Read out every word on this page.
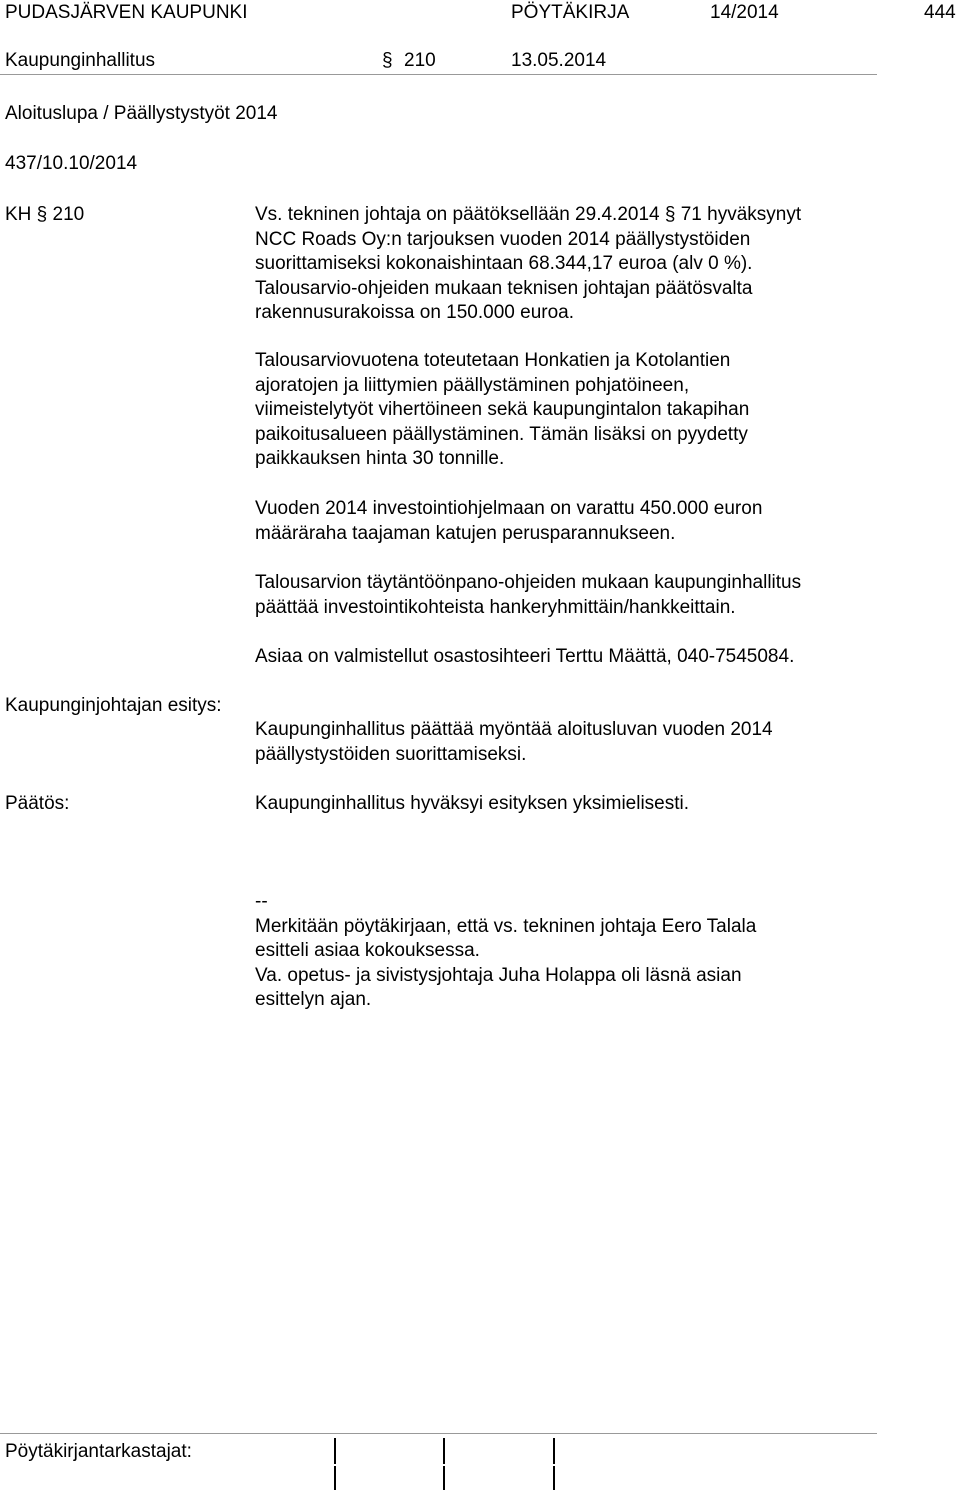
PUDASJÄRVEN KAUPUNKI	PÖYTÄKIRJA	14/2014	444
Kaupunginhallitus	§ 210	13.05.2014
Aloituslupa / Päällystystyöt 2014
437/10.10/2014
KH § 210	Vs. tekninen johtaja on päätöksellään 29.4.2014 § 71 hyväksynyt
NCC Roads Oy:n tarjouksen vuoden 2014 päällystystöiden
suorittamiseksi kokonaishintaan 68.344,17 euroa (alv 0 %).
Talousarvio-ohjeiden mukaan teknisen johtajan päätösvalta
rakennusurakoissa on 150.000 euroa.
Talousarviovuotena toteutetaan Honkatien ja Kotolantien
ajoratojen ja liittymien päällystäminen pohjatöineen,
viimeistelytyöt vihertöineen sekä kaupungintalon takapihan
paikoitusalueen päällystäminen. Tämän lisäksi on pyydetty
paikkauksen hinta 30 tonnille.
Vuoden 2014 investointiohjelmaan on varattu 450.000 euron
määräraha taajaman katujen perusparannukseen.
Talousarvion täytäntöönpano-ohjeiden mukaan kaupunginhallitus
päättää investointikohteista hankeryhmittäin/hankkeittain.
Asiaa on valmistellut osastosihteeri Terttu Määttä, 040-7545084.
Kaupunginjohtajan esitys:
Kaupunginhallitus päättää myöntää aloitusluvan vuoden 2014
päällystystöiden suorittamiseksi.
Päätös:	Kaupunginhallitus hyväksyi esityksen yksimielisesti.
--
Merkitään pöytäkirjaan, että vs. tekninen johtaja Eero Talala
esitteli asiaa kokouksessa.
Va. opetus- ja sivistysjohtaja Juha Holappa oli läsnä asian
esittelyn ajan.
Pöytäkirjantarkastajat:
